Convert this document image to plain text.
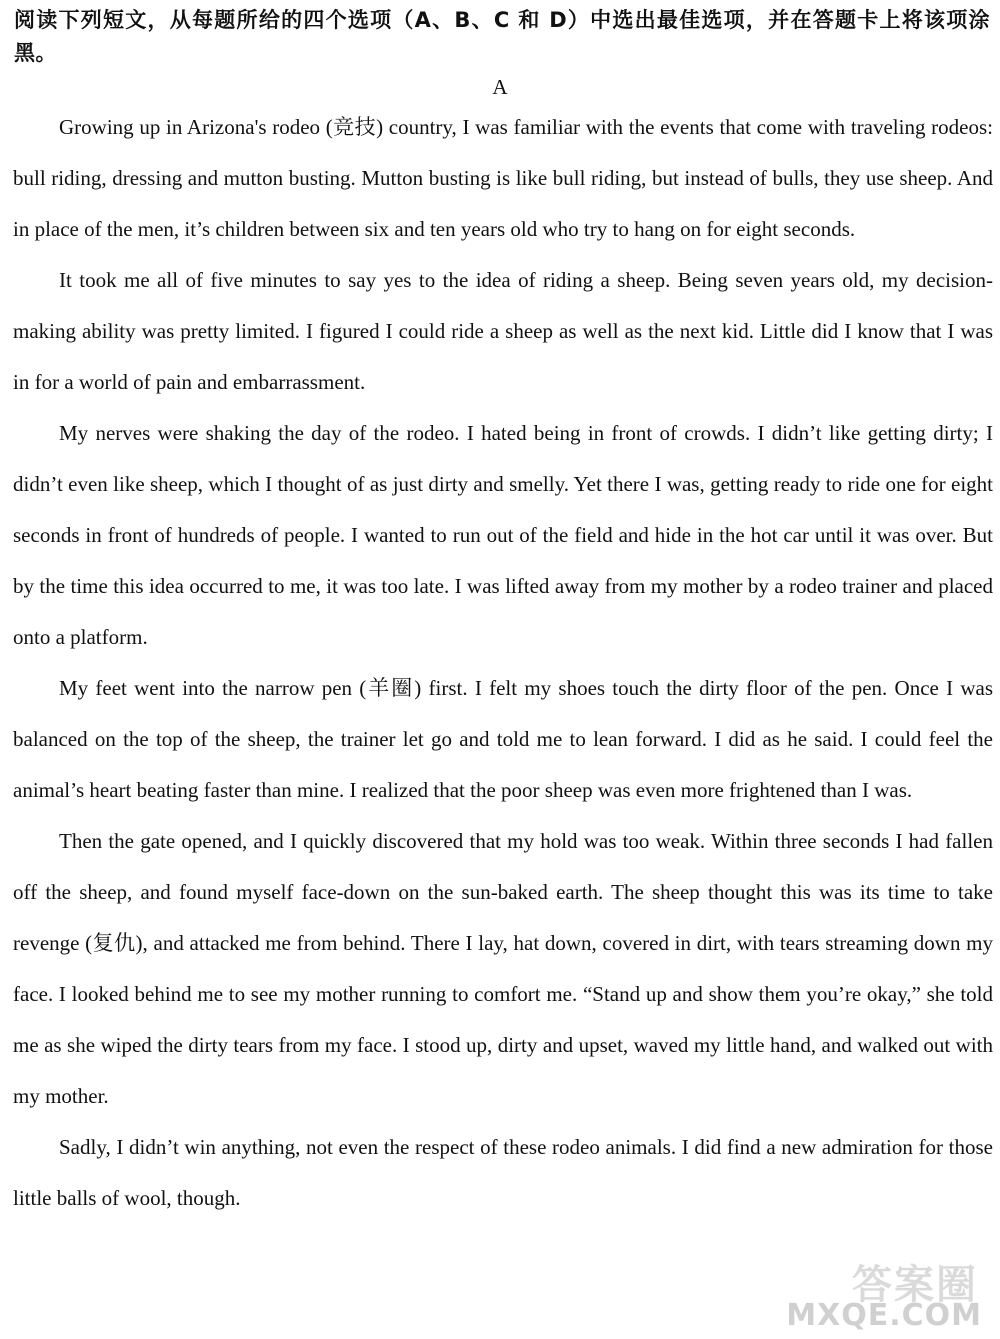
阅读下列短文，从每题所给的四个选项（A、B、C 和 D）中选出最佳选项，并在答题卡上将该项涂黑。

A

Growing up in Arizona's rodeo (竞技) country, I was familiar with the events that come with traveling rodeos: bull riding, dressing and mutton busting. Mutton busting is like bull riding, but instead of bulls, they use sheep. And in place of the men, it’s children between six and ten years old who try to hang on for eight seconds.

It took me all of five minutes to say yes to the idea of riding a sheep. Being seven years old, my decision-making ability was pretty limited. I figured I could ride a sheep as well as the next kid. Little did I know that I was in for a world of pain and embarrassment.

My nerves were shaking the day of the rodeo. I hated being in front of crowds. I didn’t like getting dirty; I didn’t even like sheep, which I thought of as just dirty and smelly. Yet there I was, getting ready to ride one for eight seconds in front of hundreds of people. I wanted to run out of the field and hide in the hot car until it was over. But by the time this idea occurred to me, it was too late. I was lifted away from my mother by a rodeo trainer and placed onto a platform.

My feet went into the narrow pen (羊圈) first. I felt my shoes touch the dirty floor of the pen. Once I was balanced on the top of the sheep, the trainer let go and told me to lean forward. I did as he said. I could feel the animal’s heart beating faster than mine. I realized that the poor sheep was even more frightened than I was.

Then the gate opened, and I quickly discovered that my hold was too weak. Within three seconds I had fallen off the sheep, and found myself face-down on the sun-baked earth. The sheep thought this was its time to take revenge (复仇), and attacked me from behind. There I lay, hat down, covered in dirt, with tears streaming down my face. I looked behind me to see my mother running to comfort me. “Stand up and show them you’re okay,” she told me as she wiped the dirty tears from my face. I stood up, dirty and upset, waved my little hand, and walked out with my mother.

Sadly, I didn’t win anything, not even the respect of these rodeo animals. I did find a new admiration for those little balls of wool, though.

答案圈
MXQE.COM
